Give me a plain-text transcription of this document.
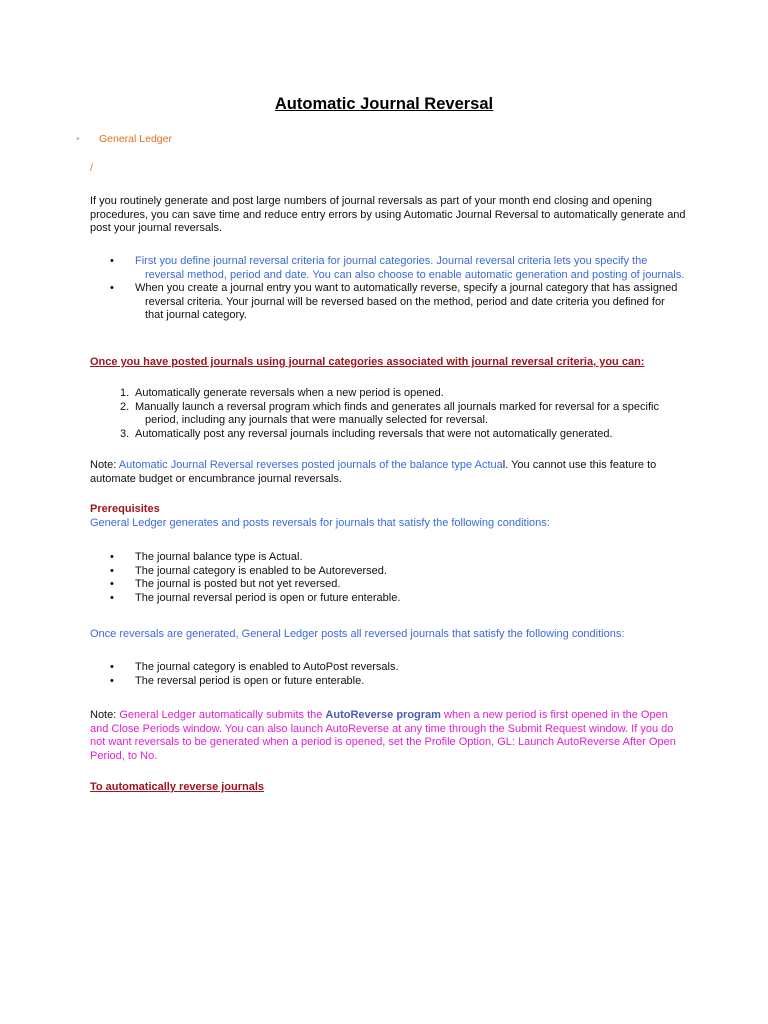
Automatic Journal Reversal
• General Ledger
/
If you routinely generate and post large numbers of journal reversals as part of your month end closing and opening procedures, you can save time and reduce entry errors by using Automatic Journal Reversal to automatically generate and post your journal reversals.
• First you define journal reversal criteria for journal categories. Journal reversal criteria lets you specify the reversal method, period and date. You can also choose to enable automatic generation and posting of journals.
• When you create a journal entry you want to automatically reverse, specify a journal category that has assigned reversal criteria. Your journal will be reversed based on the method, period and date criteria you defined for that journal category.
Once you have posted journals using journal categories associated with journal reversal criteria, you can:
1. Automatically generate reversals when a new period is opened.
2. Manually launch a reversal program which finds and generates all journals marked for reversal for a specific period, including any journals that were manually selected for reversal.
3. Automatically post any reversal journals including reversals that were not automatically generated.
Note: Automatic Journal Reversal reverses posted journals of the balance type Actual. You cannot use this feature to automate budget or encumbrance journal reversals.
Prerequisites
General Ledger generates and posts reversals for journals that satisfy the following conditions:
• The journal balance type is Actual.
• The journal category is enabled to be Autoreversed.
• The journal is posted but not yet reversed.
• The journal reversal period is open or future enterable.
Once reversals are generated, General Ledger posts all reversed journals that satisfy the following conditions:
• The journal category is enabled to AutoPost reversals.
• The reversal period is open or future enterable.
Note: General Ledger automatically submits the AutoReverse program when a new period is first opened in the Open and Close Periods window. You can also launch AutoReverse at any time through the Submit Request window. If you do not want reversals to be generated when a period is opened, set the Profile Option, GL: Launch AutoReverse After Open Period, to No.
To automatically reverse journals
